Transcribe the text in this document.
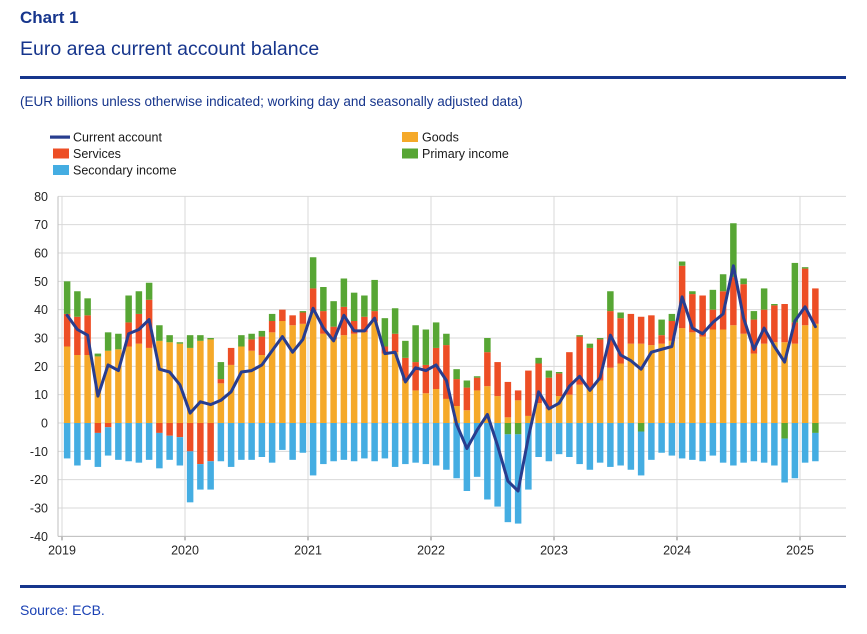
Chart 1
Euro area current account balance
(EUR billions unless otherwise indicated; working day and seasonally adjusted data)
-40
-30
-20
-10
0
10
20
30
40
50
60
70
80
2019	2020	2021	2022	2023	2024	2025
Current account
Services
Secondary income
Goods
Primary income
Source: ECB.
